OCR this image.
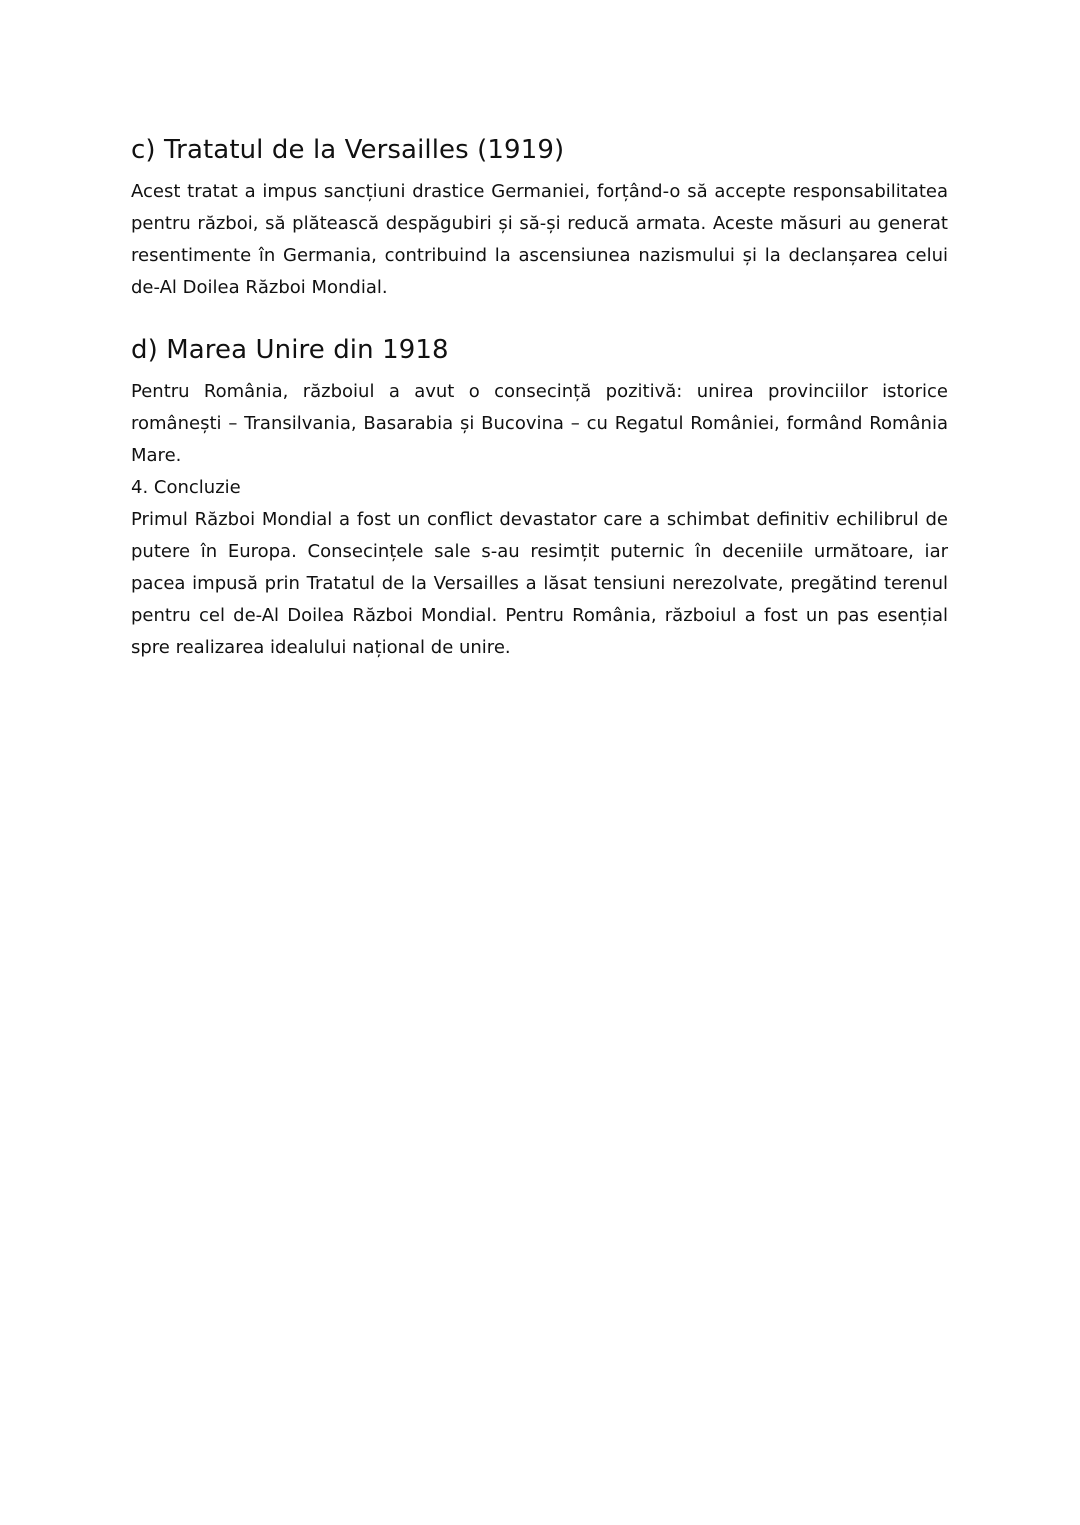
c) Tratatul de la Versailles (1919)

Acest tratat a impus sancțiuni drastice Germaniei, forțând-o să accepte responsabilitatea pentru război, să plătească despăgubiri și să-și reducă armata. Aceste măsuri au generat resentimente în Germania, contribuind la ascensiunea nazismului și la declanșarea celui de-Al Doilea Război Mondial.

d) Marea Unire din 1918

Pentru România, războiul a avut o consecință pozitivă: unirea provinciilor istorice românești – Transilvania, Basarabia și Bucovina – cu Regatul României, formând România Mare.

4. Concluzie

Primul Război Mondial a fost un conflict devastator care a schimbat definitiv echilibrul de putere în Europa. Consecințele sale s-au resimțit puternic în deceniile următoare, iar pacea impusă prin Tratatul de la Versailles a lăsat tensiuni nerezolvate, pregătind terenul pentru cel de-Al Doilea Război Mondial. Pentru România, războiul a fost un pas esențial spre realizarea idealului național de unire.
